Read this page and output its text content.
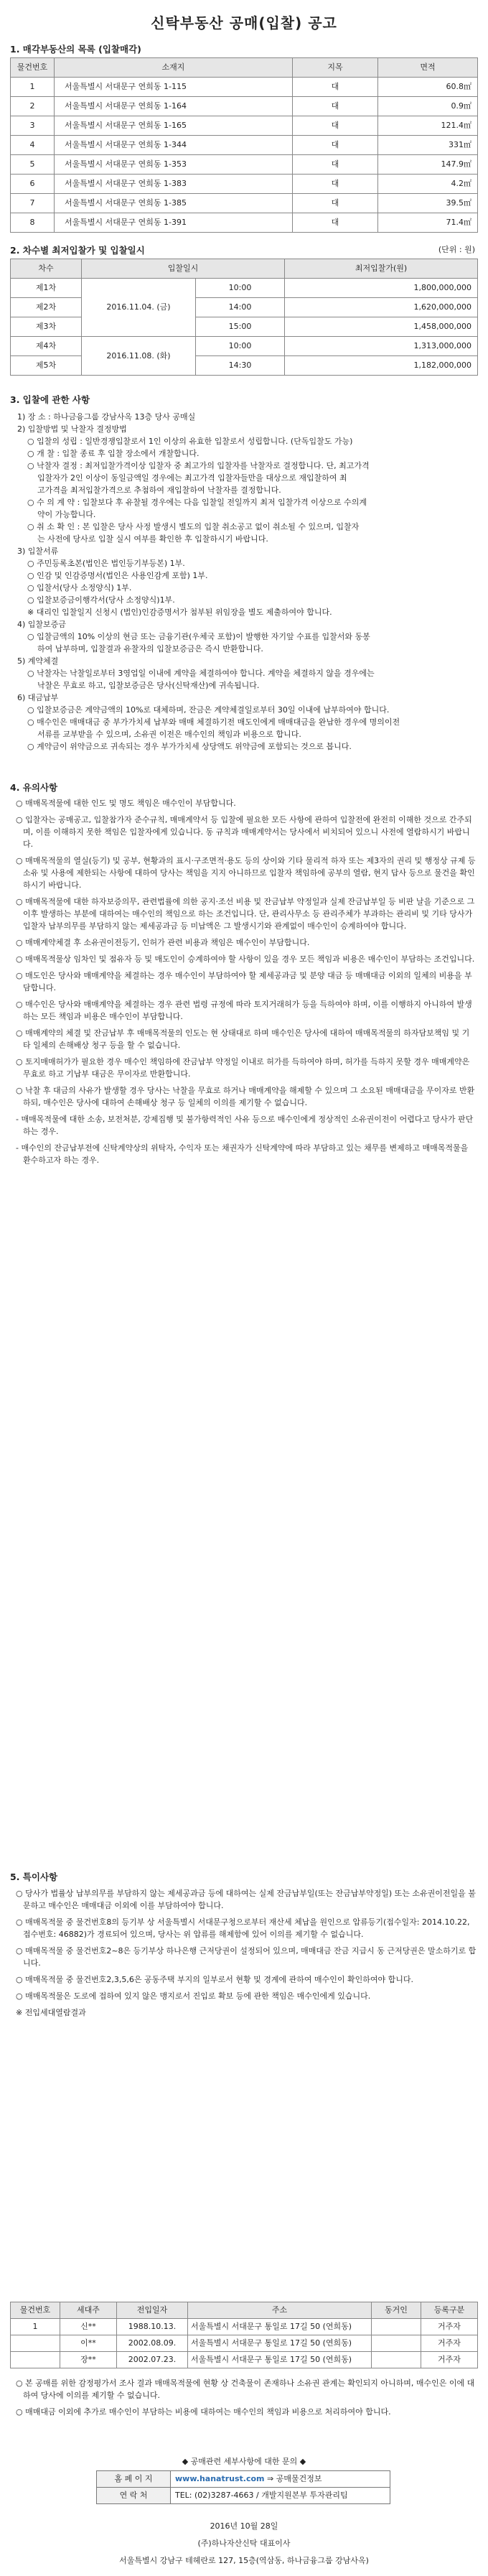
신탁부동산 공매(입찰) 공고
1. 매각부동산의 목록 (입찰매각)
물건번호	소재지	지목	면적
1	서울특별시 서대문구 연희동 1-115	대	60.8㎡
2	서울특별시 서대문구 연희동 1-164	대	0.9㎡
3	서울특별시 서대문구 연희동 1-165	대	121.4㎡
4	서울특별시 서대문구 연희동 1-344	대	331㎡
5	서울특별시 서대문구 연희동 1-353	대	147.9㎡
6	서울특별시 서대문구 연희동 1-383	대	4.2㎡
7	서울특별시 서대문구 연희동 1-385	대	39.5㎡
8	서울특별시 서대문구 연희동 1-391	대	71.4㎡
2. 차수별 최저입찰가 및 입찰일시	(단위 : 원)
차수	입찰일시		최저입찰가(원)
제1차	2016.11.04. (금)	10:00	1,800,000,000
제2차		14:00	1,620,000,000
제3차		15:00	1,458,000,000
제4차	2016.11.08. (화)	10:00	1,313,000,000
제5차		14:30	1,182,000,000
3. 입찰에 관한 사항

1) 장 소 : 하나금융그룹 강남사옥 13층 당사 공매실

2) 입찰방법 및 낙찰자 결정방법

○ 입찰의 성립 : 일반경쟁입찰로서 1인 이상의 유효한 입찰로서 성립합니다. (단독입찰도 가능)

○ 개 찰 : 입찰 종료 후 입찰 장소에서 개찰합니다.

○ 낙찰자 결정 : 최저입찰가격이상 입찰자 중 최고가의 입찰자를 낙찰자로 결정합니다. 단, 최고가격

입찰자가 2인 이상이 동일금액일 경우에는 최고가격 입찰자들만을 대상으로 재입찰하여 최

고가격을 최저입찰가격으로 추첨하여 재입찰하여 낙찰자를 결정합니다.

○ 수 의 계 약 : 입찰보다 후 유찰될 경우에는 다음 입찰일 전일까지 최저 입찰가격 이상으로 수의계

약이 가능합니다.

○ 취 소 확 인 : 본 입찰은 당사 사정 발생시 별도의 입찰 취소공고 없이 취소될 수 있으며, 입찰자

는 사전에 당사로 입찰 실시 여부를 확인한 후 입찰하시기 바랍니다.

3) 입찰서류

○ 주민등록초본(법인은 법인등기부등본) 1부.

○ 인감 및 인감증명서(법인은 사용인감계 포함) 1부.

○ 입찰서(당사 소정양식) 1부.

○ 입찰보증금이행각서(당사 소정양식)1부.

※ 대리인 입찰일지 신청시 (법인)인감증명서가 첨부된 위임장을 별도 제출하여야 합니다.

4) 입찰보증금

○ 입찰금액의 10% 이상의 현금 또는 금융기관(우체국 포함)이 발행한 자기앞 수표를 입찰서와 동봉

하여 납부하며, 입찰결과 유찰자의 입찰보증금은 즉시 반환합니다.

5) 계약체결

○ 낙찰자는 낙찰일로부터 3영업일 이내에 계약을 체결하여야 합니다. 계약을 체결하지 않을 경우에는

낙찰은 무효로 하고, 입찰보증금은 당사(신탁재산)에 귀속됩니다.

6) 대금납부

○ 입찰보증금은 계약금액의 10%로 대체하며, 잔금은 계약체결일로부터 30일 이내에 납부하여야 합니다.

○ 매수인은 매매대금 중 부가가치세 납부와 매매 체결하기전 매도인에게 매매대금을 완납한 경우에 명의이전

서류를 교부받을 수 있으며, 소유권 이전은 매수인의 책임과 비용으로 합니다.

○ 계약금이 위약금으로 귀속되는 경우 부가가치세 상당액도 위약금에 포함되는 것으로 봅니다.

4. 유의사항

○ 매매목적물에 대한 인도 및 명도 책임은 매수인이 부담합니다.

○ 입찰자는 공매공고, 입찰참가자 준수규칙, 매매계약서 등 입찰에 필요한 모든 사항에 관하여 입찰전에 완전히 이해한 것으로 간주되며, 이를 이해하지 못한 책임은 입찰자에게 있습니다. 동 규칙과 매매계약서는 당사에서 비치되어 있으니 사전에 열람하시기 바랍니다.

○ 매매목적물의 열실(등기) 및 공부, 현황과의 표시·구조면적·용도 등의 상이와 기타 물리적 하자 또는 제3자의 권리 및 행정상 규제 등 소유 및 사용에 제한되는 사항에 대하여 당사는 책임을 지지 아니하므로 입찰자 책임하에 공부의 열람, 현지 답사 등으로 물건을 확인하시기 바랍니다.

○ 매매목적물에 대한 하자보증의무, 관련법률에 의한 공지·조선 비용 및 잔금납부 약정일과 실제 잔금납부일 등 비판 날을 기준으로 그 이후 발생하는 부분에 대하여는 매수인의 책임으로 하는 조건입니다. 단, 관리사무소 등 관리주체가 부과하는 관리비 및 기타 당사가 입찰자 납부의무를 부담하지 않는 제세공과금 등 미납액은 그 발생시기와 관계없이 매수인이 승계하여야 합니다.

○ 매매계약체결 후 소유권이전등기, 인허가 관련 비용과 책임은 매수인이 부담합니다.

○ 매매목적물상 임차인 및 점유자 등 및 매도인이 승계하여야 할 사항이 있을 경우 모든 책임과 비용은 매수인이 부담하는 조건입니다.

○ 매도인은 당사와 매매계약을 체결하는 경우 매수인이 부담하여야 할 제세공과금 및 분양 대금 등 매매대금 이외의 일체의 비용을 부담합니다.

○ 매수인은 당사와 매매계약을 체결하는 경우 관련 법령 규정에 따라 토지거래허가 등을 득하여야 하며, 이를 이행하지 아니하여 발생하는 모든 책임과 비용은 매수인이 부담합니다.

○ 매매계약의 체결 및 잔금납부 후 매매목적물의 인도는 현 상태대로 하며 매수인은 당사에 대하여 매매목적물의 하자담보책임 및 기타 일체의 손해배상 청구 등을 할 수 없습니다.

○ 토지매매허가가 필요한 경우 매수인 책임하에 잔금납부 약정일 이내로 허가를 득하여야 하며, 허가를 득하지 못할 경우 매매계약은 무효로 하고 기납부 대금은 무이자로 반환합니다.

○ 낙찰 후 대금의 사유가 발생할 경우 당사는 낙찰을 무효로 하거나 매매계약을 해제할 수 있으며 그 소요된 매매대금을 무이자로 반환하되, 매수인은 당사에 대하여 손해배상 청구 등 일체의 이의를 제기할 수 없습니다.

- 매매목적물에 대한 소송, 보전처분, 강제집행 및 불가항력적인 사유 등으로 매수인에게 정상적인 소유권이전이 어렵다고 당사가 판단하는 경우.

- 매수인의 잔금납부전에 신탁계약상의 위탁자, 수익자 또는 채권자가 신탁계약에 따라 부담하고 있는 채무를 변제하고 매매목적물을 환수하고자 하는 경우.

5. 특이사항

○ 당사가 법률상 납부의무를 부담하지 않는 제세공과금 등에 대하여는 실제 잔금납부일(또는 잔금납부약정일) 또는 소유권이전일을 불문하고 매수인은 매매대금 이외에 이를 부담하여야 합니다.

○ 매매목적물 중 물건번호8의 등기부 상 서울특별시 서대문구청으로부터 재산세 체납을 원인으로 압류등기(접수일자: 2014.10.22, 접수번호: 46882)가 경료되어 있으며, 당사는 위 압류를 해제함에 있어 이의를 제기할 수 없습니다.

○ 매매목적물 중 물건번호2~8은 등기부상 하나은행 근저당권이 설정되어 있으며, 매매대금 잔금 지급시 동 근저당권은 말소하기로 합니다.

○ 매매목적물 중 물건번호2,3,5,6은 공동주택 부지의 일부로서 현황 및 경계에 관하여 매수인이 확인하여야 합니다.

○ 매매목적물은 도로에 접하여 있지 않은 맹지로서 진입로 확보 등에 관한 책임은 매수인에게 있습니다.

※ 전입세대열람결과

물건번호	세대주	전입일자	주소	동거인	등록구분
1	신**	1988.10.13.	서울특별시 서대문구 통일로 17길 50 (연희동)		거주자
	이**	2002.08.09.	서울특별시 서대문구 통일로 17길 50 (연희동)		거주자
	장**	2002.07.23.	서울특별시 서대문구 통일로 17길 50 (연희동)		거주자

○ 본 공매를 위한 감정평가서 조사 결과 매매목적물에 현황 상 건축물이 존재하나 소유권 관계는 확인되지 아니하며, 매수인은 이에 대하여 당사에 이의를 제기할 수 없습니다.

○ 매매대금 이외에 추가로 매수인이 부담하는 비용에 대하여는 매수인의 책임과 비용으로 처리하여야 합니다.

◆ 공매관련 세부사항에 대한 문의 ◆
홈 페 이 지	www.hanatrust.com ⇒ 공매물건정보
연 락 처	TEL: (02)3287-4663 / 개발지원본부 투자관리팀
2016년 10월 28일
(주)하나자산신탁 대표이사
서울특별시 강남구 테헤란로 127, 15층(역삼동, 하나금융그룹 강남사옥)
